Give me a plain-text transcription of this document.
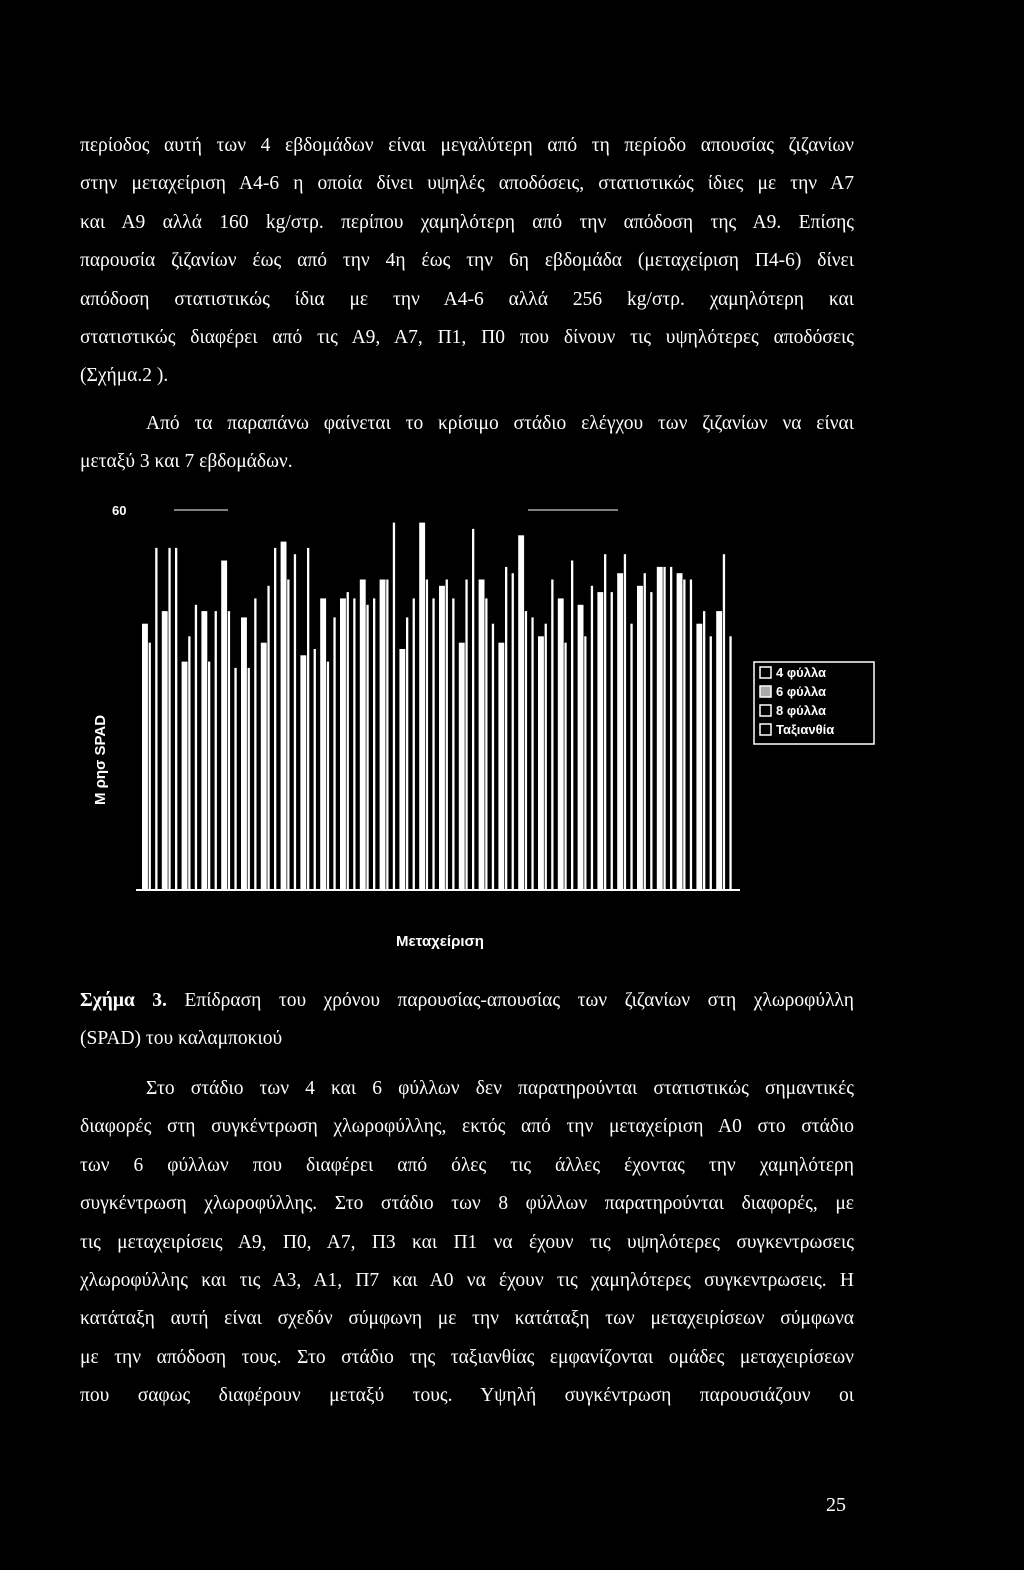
περίοδος αυτή των 4 εβδομάδων είναι μεγαλύτερη από τη περίοδο απουσίας ζιζανίων
στην μεταχείριση Α4-6 η οποία δίνει υψηλές αποδόσεις, στατιστικώς ίδιες με την Α7
και Α9 αλλά 160 kg/στρ. περίπου χαμηλότερη από την απόδοση της Α9. Επίσης
παρουσία ζιζανίων έως από την 4η έως την 6η εβδομάδα (μεταχείριση Π4-6) δίνει
απόδοση στατιστικώς ίδια με την Α4-6 αλλά 256 kg/στρ. χαμηλότερη και
στατιστικώς διαφέρει από τις Α9, Α7, Π1, Π0 που δίνουν τις υψηλότερες αποδόσεις
(Σχήμα.2 ).
Από τα παραπάνω φαίνεται το κρίσιμο στάδιο ελέγχου των ζιζανίων να είναι
μεταξύ 3 και 7 εβδομάδων.
60
Μ ρησ SPAD
Μεταχείριση
4 φύλλα
6 φύλλα
8 φύλλα
Ταξιανθία
Σχήμα 3. Επίδραση του χρόνου παρουσίας-απουσίας των ζιζανίων στη χλωροφύλλη
(SPAD) του καλαμποκιού
Στο στάδιο των 4 και 6 φύλλων δεν παρατηρούνται στατιστικώς σημαντικές
διαφορές στη συγκέντρωση χλωροφύλλης, εκτός από την μεταχείριση Α0 στο στάδιο
των 6 φύλλων που διαφέρει από όλες τις άλλες έχοντας την χαμηλότερη
συγκέντρωση χλωροφύλλης. Στο στάδιο των 8 φύλλων παρατηρούνται διαφορές, με
τις μεταχειρίσεις Α9, Π0, Α7, Π3 και Π1 να έχουν τις υψηλότερες συγκεντρωσεις
χλωροφύλλης και τις Α3, Α1, Π7 και Α0 να έχουν τις χαμηλότερες συγκεντρωσεις. Η
κατάταξη αυτή είναι σχεδόν σύμφωνη με την κατάταξη των μεταχειρίσεων σύμφωνα
με την απόδοση τους. Στο στάδιο της ταξιανθίας εμφανίζονται ομάδες μεταχειρίσεων
που σαφως διαφέρουν μεταξύ τους. Υψηλή συγκέντρωση παρουσιάζουν οι
25
